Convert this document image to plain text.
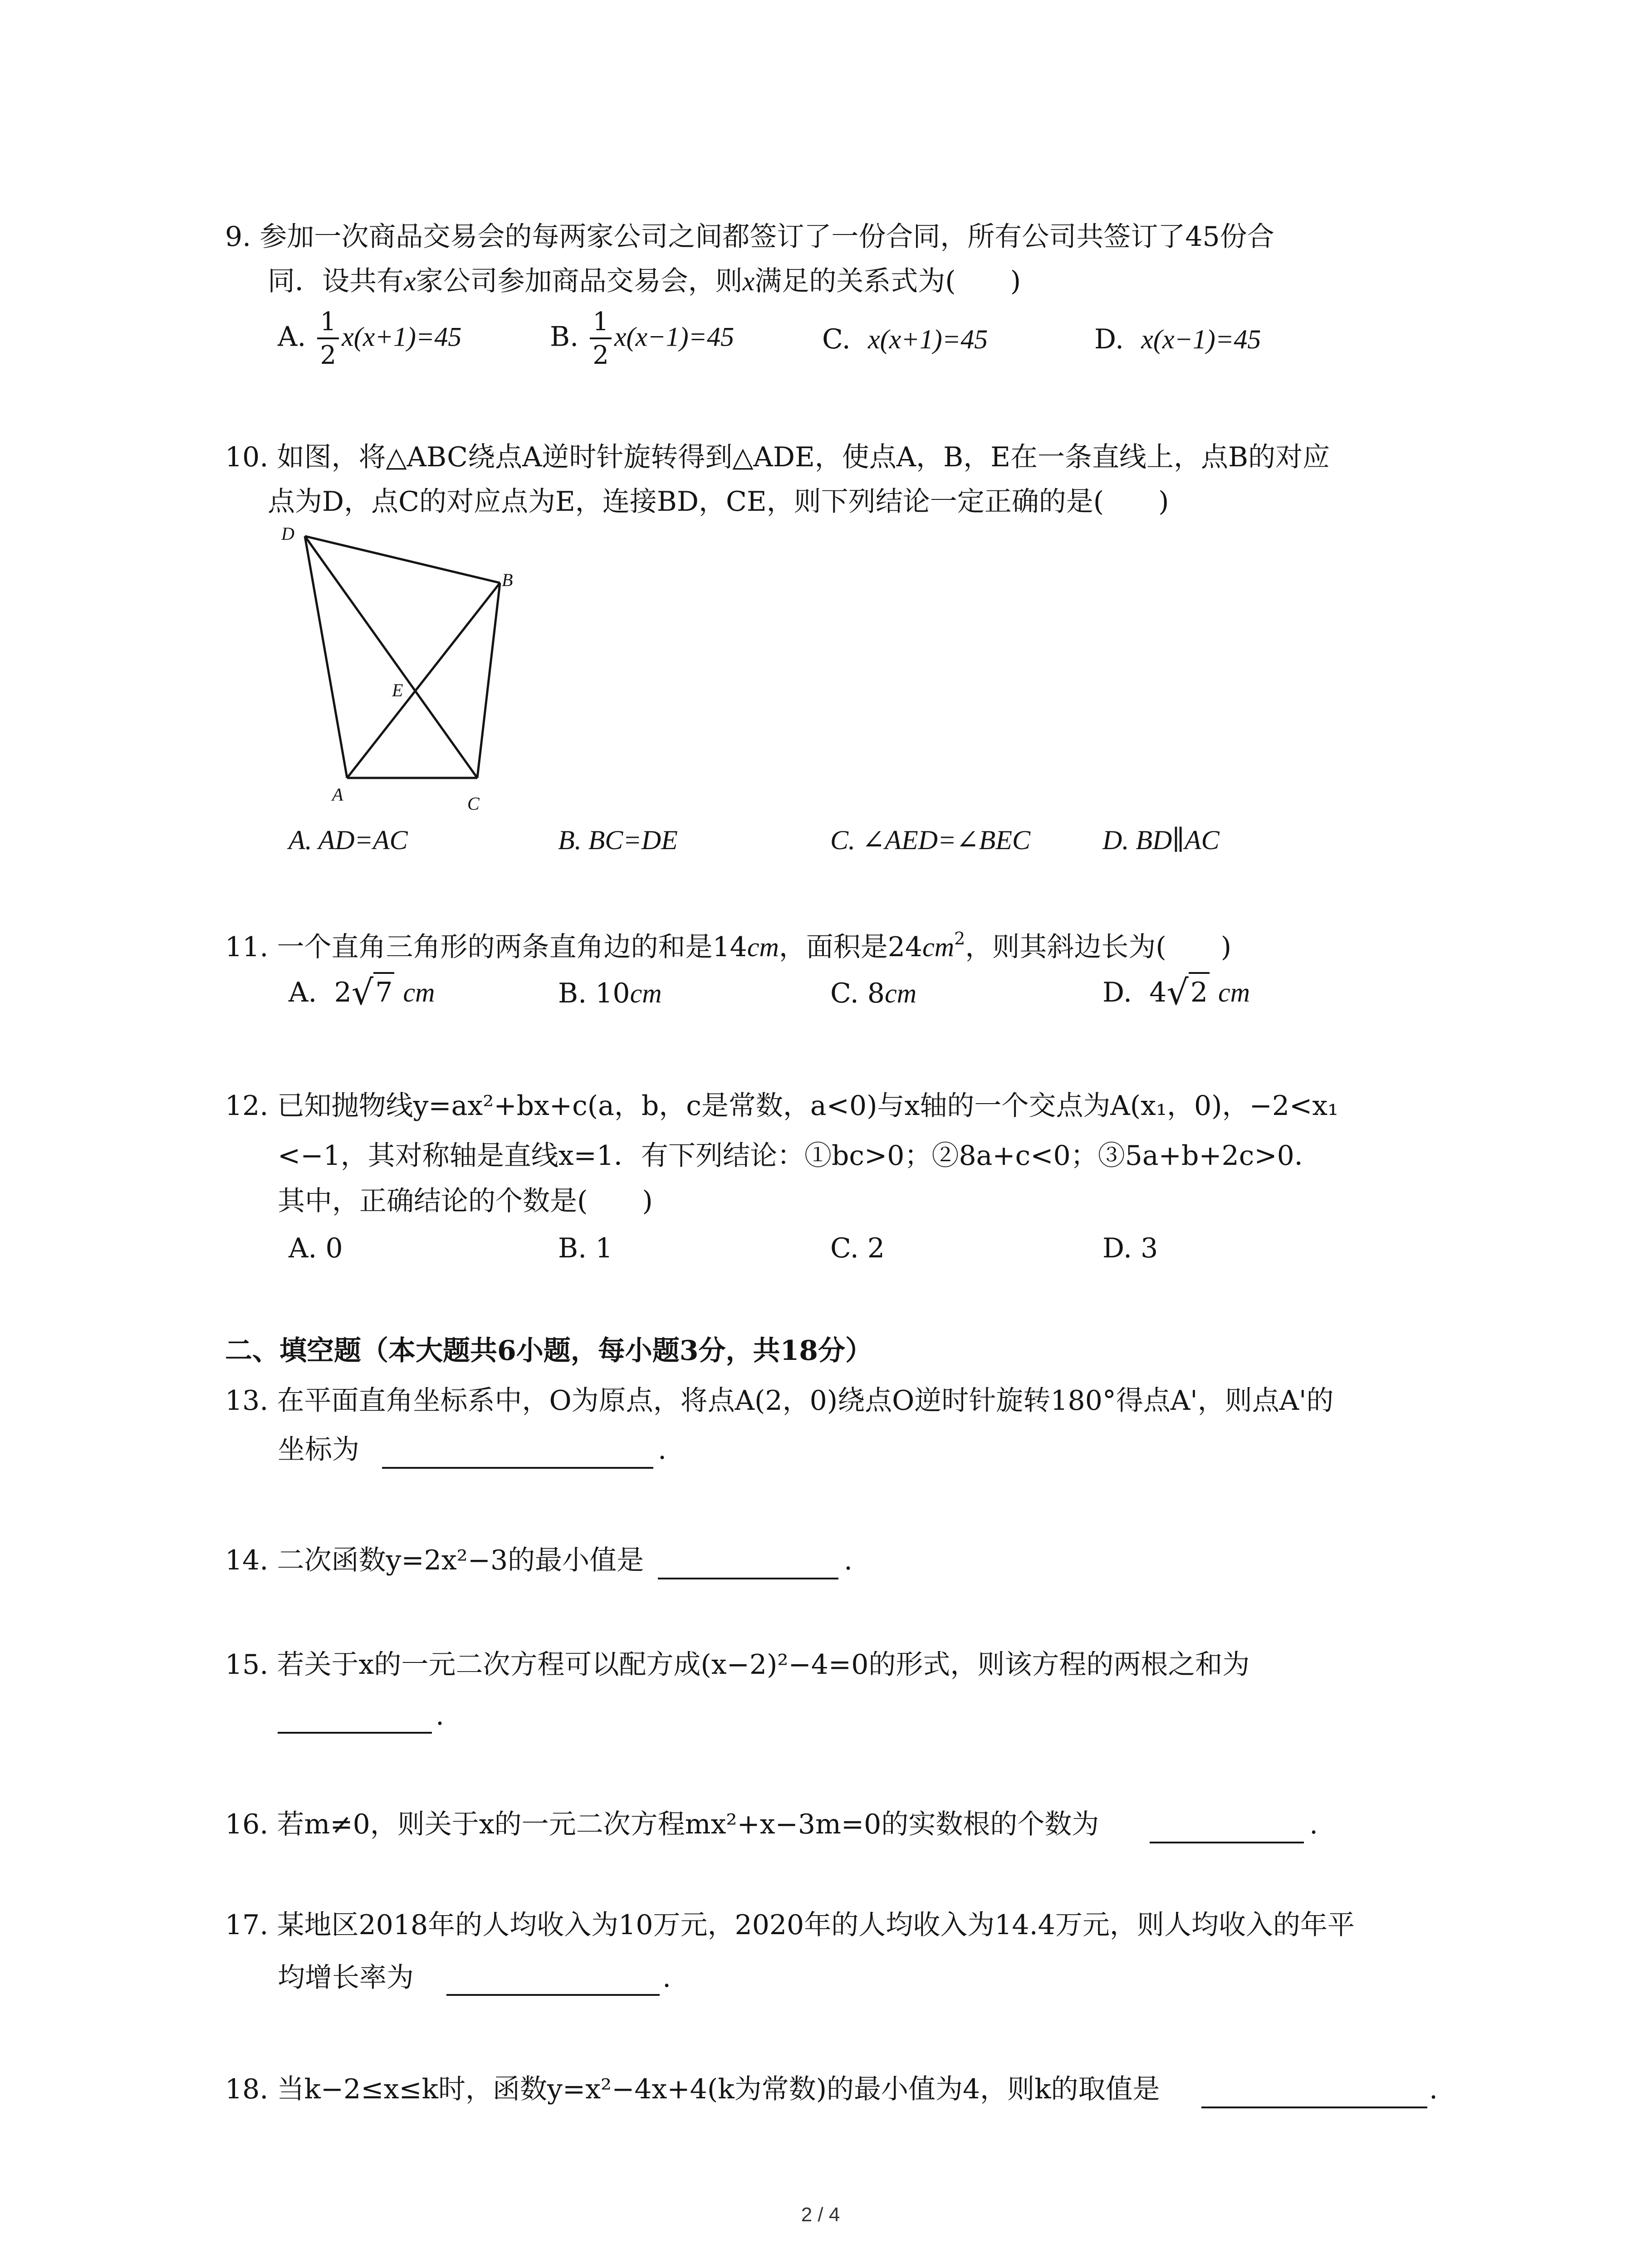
9. 参加一次商品交易会的每两家公司之间都签订了一份合同，所有公司共签订了45份合
同．设共有x家公司参加商品交易会，则x满足的关系式为(　　)
A. $\frac{1}{2} x(x+1)=45$	B. $\frac{1}{2} x(x-1)=45$	C. x(x+1)=45	D. x(x−1)=45
10. 如图，将△ABC绕点A逆时针旋转得到△ADE，使点A，B，E在一条直线上，点B的对应
点为D，点C的对应点为E，连接BD，CE，则下列结论一定正确的是(　　)
D
B
E
A	C
A. AD=AC	B. BC=DE	C. ∠AED=∠BEC	D. BD∥AC
11. 一个直角三角形的两条直角边的和是14cm，面积是$24cm^2$，则其斜边长为(　　)
A. 2√7 cm	B. 10cm	C. 8cm	D. 4√2 cm
12. 已知抛物线y=ax²+bx+c(a，b，c是常数，a<0)与x轴的一个交点为A(x₁，0)，−2<x₁
<−1，其对称轴是直线x=1．有下列结论：①bc>0；②8a+c<0；③5a+b+2c>0．
其中，正确结论的个数是(　　)
A. 0	B. 1	C. 2	D. 3
二、填空题（本大题共6小题，每小题3分，共18分）
13. 在平面直角坐标系中，O为原点，将点A(2，0)绕点O逆时针旋转180°得点A'，则点A'的
坐标为	.
14. 二次函数y=2x²−3的最小值是	.
15. 若关于x的一元二次方程可以配方成(x−2)²−4=0的形式，则该方程的两根之和为
.
16. 若m≠0，则关于x的一元二次方程mx²+x−3m=0的实数根的个数为	.
17. 某地区2018年的人均收入为10万元，2020年的人均收入为14.4万元，则人均收入的年平
均增长率为	.
18. 当k−2≤x≤k时，函数y=x²−4x+4(k为常数)的最小值为4，则k的取值是	.
2 / 4
